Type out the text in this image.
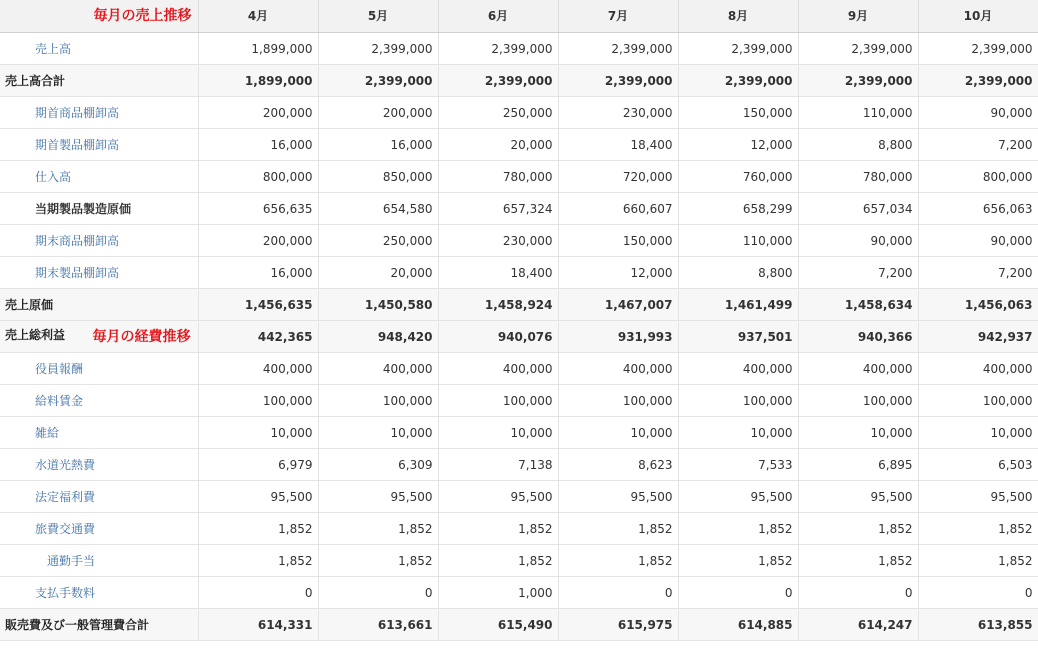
毎月の売上推移	4月	5月	6月	7月	8月	9月	10月
売上高	1,899,000	2,399,000	2,399,000	2,399,000	2,399,000	2,399,000	2,399,000
売上高合計	1,899,000	2,399,000	2,399,000	2,399,000	2,399,000	2,399,000	2,399,000
期首商品棚卸高	200,000	200,000	250,000	230,000	150,000	110,000	90,000
期首製品棚卸高	16,000	16,000	20,000	18,400	12,000	8,800	7,200
仕入高	800,000	850,000	780,000	720,000	760,000	780,000	800,000
当期製品製造原価	656,635	654,580	657,324	660,607	658,299	657,034	656,063
期末商品棚卸高	200,000	250,000	230,000	150,000	110,000	90,000	90,000
期末製品棚卸高	16,000	20,000	18,400	12,000	8,800	7,200	7,200
売上原価	1,456,635	1,450,580	1,458,924	1,467,007	1,461,499	1,458,634	1,456,063
売上総利益 毎月の経費推移	442,365	948,420	940,076	931,993	937,501	940,366	942,937
役員報酬	400,000	400,000	400,000	400,000	400,000	400,000	400,000
給料賃金	100,000	100,000	100,000	100,000	100,000	100,000	100,000
雑給	10,000	10,000	10,000	10,000	10,000	10,000	10,000
水道光熱費	6,979	6,309	7,138	8,623	7,533	6,895	6,503
法定福利費	95,500	95,500	95,500	95,500	95,500	95,500	95,500
旅費交通費	1,852	1,852	1,852	1,852	1,852	1,852	1,852
通勤手当	1,852	1,852	1,852	1,852	1,852	1,852	1,852
支払手数料	0	0	1,000	0	0	0	0
販売費及び一般管理費合計	614,331	613,661	615,490	615,975	614,885	614,247	613,855
